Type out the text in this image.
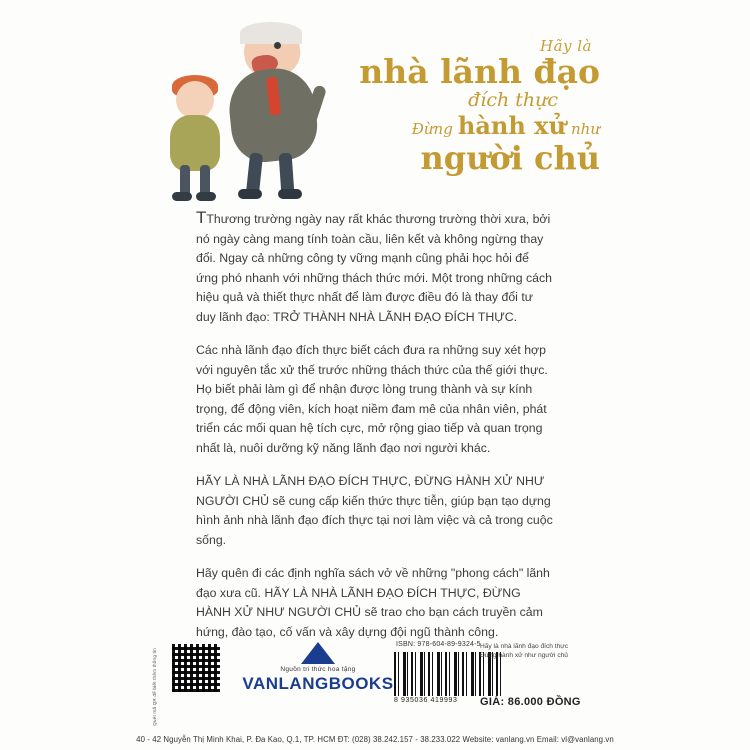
Hãy là
nhà lãnh đạo
đích thực
Đừng hành xử như
người chủ

TThương trường ngày nay rất khác thương trường thời xưa, bởi nó ngày càng mang tính toàn cầu, liên kết và không ngừng thay đổi. Ngay cả những công ty vững mạnh cũng phải học hỏi để ứng phó nhanh với những thách thức mới. Một trong những cách hiệu quả và thiết thực nhất để làm được điều đó là thay đổi tư duy lãnh đạo: TRỞ THÀNH NHÀ LÃNH ĐẠO ĐÍCH THỰC.

Các nhà lãnh đạo đích thực biết cách đưa ra những suy xét hợp với nguyên tắc xử thế trước những thách thức của thế giới thực. Họ biết phải làm gì để nhận được lòng trung thành và sự kính trọng, để động viên, kích hoạt niềm đam mê của nhân viên, phát triển các mối quan hệ tích cực, mở rộng giao tiếp và quan trọng nhất là, nuôi dưỡng kỹ năng lãnh đạo nơi người khác.

HÃY LÀ NHÀ LÃNH ĐẠO ĐÍCH THỰC, ĐỪNG HÀNH XỬ NHƯ NGƯỜI CHỦ sẽ cung cấp kiến thức thực tiễn, giúp bạn tạo dựng hình ảnh nhà lãnh đạo đích thực tại nơi làm việc và cả trong cuộc sống.

Hãy quên đi các định nghĩa sách vở về những "phong cách" lãnh đạo xưa cũ. HÃY LÀ NHÀ LÃNH ĐẠO ĐÍCH THỰC, ĐỪNG HÀNH XỬ NHƯ NGƯỜI CHỦ sẽ trao cho bạn cách truyền cảm hứng, đào tạo, cố vấn và xây dựng đội ngũ thành công.

Quét mã QR để biết thêm thông tin	Nguồn tri thức hoa tặng
VANLANGBOOKS
ISBN: 978-604-89-9324-5
8 935036 419993
Hãy là nhà lãnh đạo đích thực
Đừng hành xử như người chủ
GIÁ: 86.000 ĐỒNG
40 - 42 Nguyễn Thị Minh Khai, P. Đa Kao, Q.1, TP. HCM ĐT: (028) 38.242.157 - 38.233.022 Website: vanlang.vn Email: vl@vanlang.vn
